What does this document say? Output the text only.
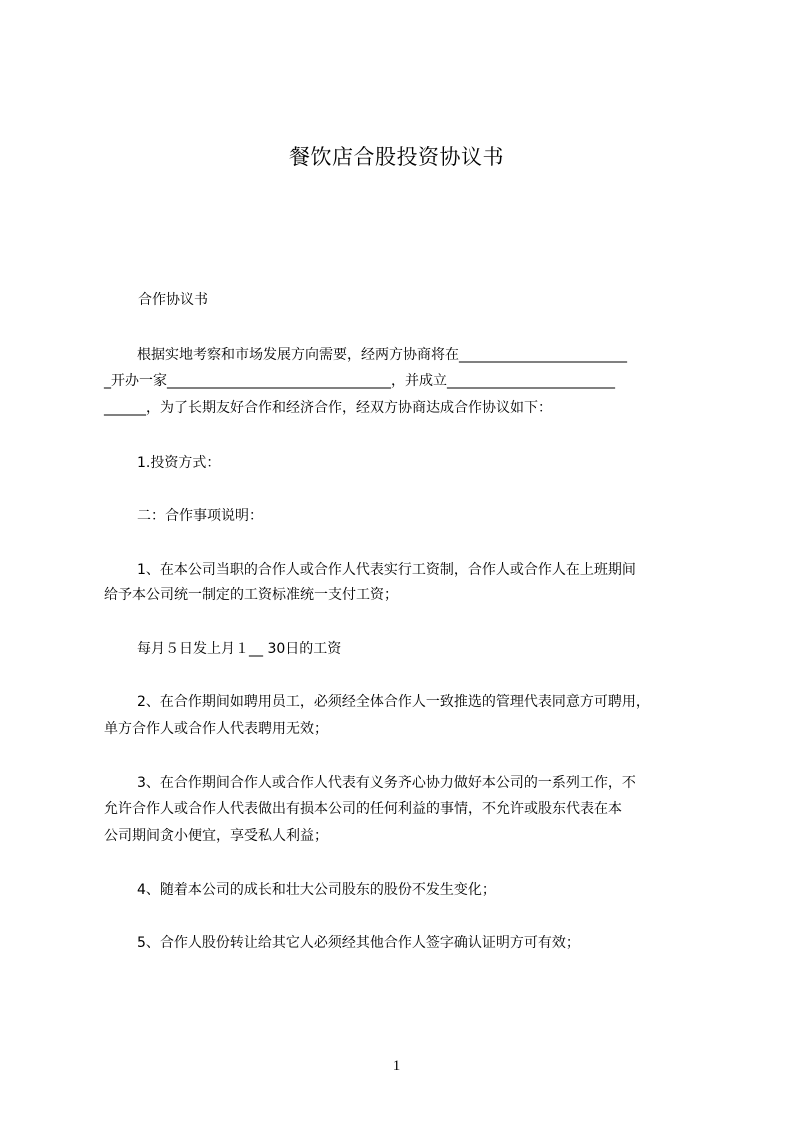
餐饮店合股投资协议书
合作协议书
根据实地考察和市场发展方向需要，经两方协商将在________________________
_开办一家________________________________，并成立________________________
______，为了长期友好合作和经济合作，经双方协商达成合作协议如下：
1.投资方式：
二：合作事项说明：
1、在本公司当职的合作人或合作人代表实行工资制，合作人或合作人在上班期间
给予本公司统一制定的工资标准统一支付工资；
每月５日发上月１__ 30日的工资
2、在合作期间如聘用员工，必须经全体合作人一致推选的管理代表同意方可聘用，
单方合作人或合作人代表聘用无效；
3、在合作期间合作人或合作人代表有义务齐心协力做好本公司的一系列工作，不
允许合作人或合作人代表做出有损本公司的任何利益的事情，不允许或股东代表在本
公司期间贪小便宜，享受私人利益；
4、随着本公司的成长和壮大公司股东的股份不发生变化；
5、合作人股份转让给其它人必须经其他合作人签字确认证明方可有效；
1
